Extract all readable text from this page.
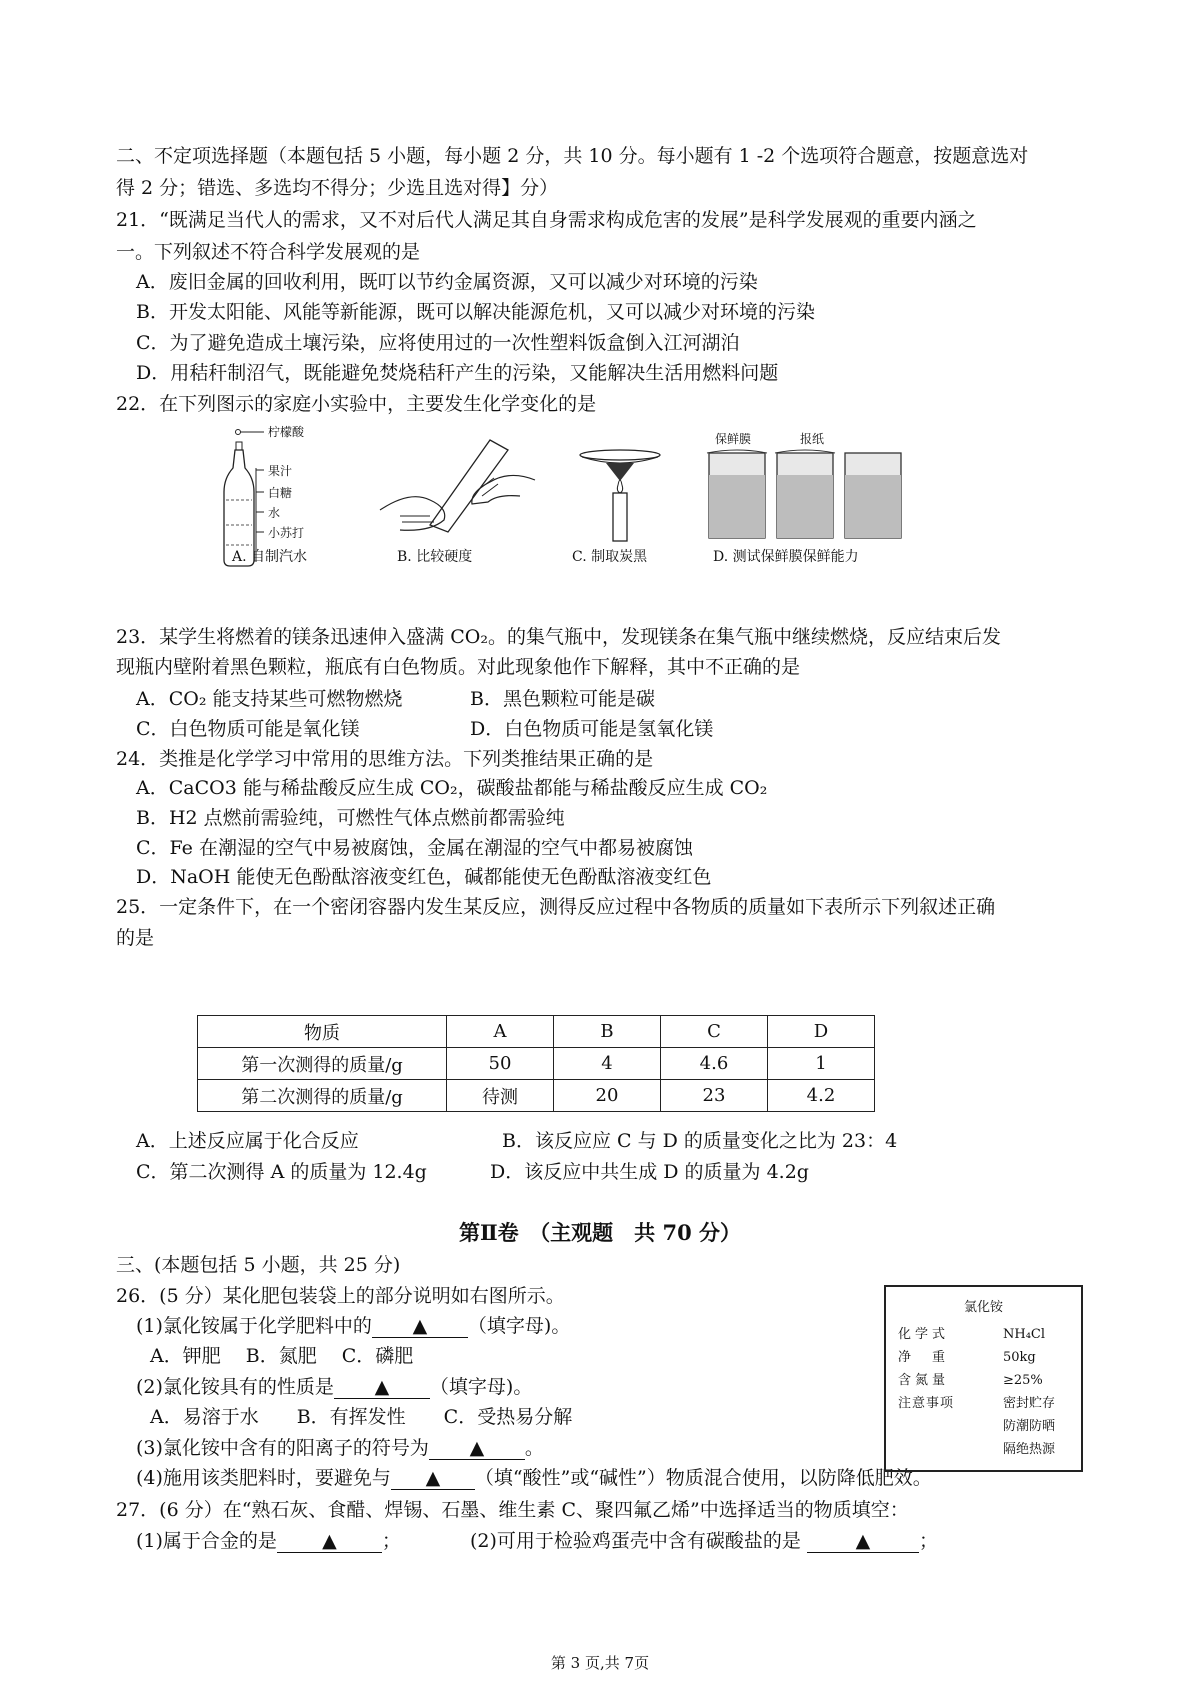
二、不定项选择题（本题包括 5 小题，每小题 2 分，共 10 分。每小题有 1 -2 个选项符合题意，按题意选对
得 2 分；错选、多选均不得分；少选且选对得】分）
21．“既满足当代人的需求，又不对后代人满足其自身需求构成危害的发展”是科学发展观的重要内涵之
一。下列叙述不符合科学发展观的是
A．废旧金属的回收利用，既叮以节约金属资源，又可以减少对环境的污染
B．开发太阳能、风能等新能源，既可以解决能源危机，又可以减少对环境的污染
C．为了避免造成土壤污染，应将使用过的一次性塑料饭盒倒入江河湖泊
D．用秸秆制沼气，既能避免焚烧秸秆产生的污染，又能解决生活用燃料问题
22．在下列图示的家庭小实验中，主要发生化学变化的是
柠檬酸
果汁
白糖
水
小苏打
A. 自制汽水	B. 比较硬度	C. 制取炭黑
保鲜膜	报纸
D. 测试保鲜膜保鲜能力
23．某学生将燃着的镁条迅速伸入盛满 CO₂。的集气瓶中，发现镁条在集气瓶中继续燃烧，反应结束后发
现瓶内壁附着黑色颗粒，瓶底有白色物质。对此现象他作下解释，其中不正确的是
A．CO₂ 能支持某些可燃物燃烧	B．黑色颗粒可能是碳
C．白色物质可能是氧化镁	D．白色物质可能是氢氧化镁
24．类推是化学学习中常用的思维方法。下列类推结果正确的是
A．CaCO3 能与稀盐酸反应生成 CO₂，碳酸盐都能与稀盐酸反应生成 CO₂
B．H2 点燃前需验纯，可燃性气体点燃前都需验纯
C．Fe 在潮湿的空气中易被腐蚀，金属在潮湿的空气中都易被腐蚀
D．NaOH 能使无色酚酞溶液变红色，碱都能使无色酚酞溶液变红色
25．一定条件下，在一个密闭容器内发生某反应，测得反应过程中各物质的质量如下表所示下列叙述正确
的是
物质	A	B	C	D
第一次测得的质量/g	50	4	4.6	1
第二次测得的质量/g	待测	20	23	4.2
A．上述反应属于化合反应	B．该反应应 C 与 D 的质量变化之比为 23：4
C．第二次测得 A 的质量为 12.4g	D．该反应中共生成 D 的质量为 4.2g
第Ⅱ卷　（主观题　共 70 分）
三、(本题包括 5 小题，共 25 分)
26．(5 分）某化肥包装袋上的部分说明如右图所示。
(1)氯化铵属于化学肥料中的 ▲ （填字母)。
A．钾肥　 B．氮肥　 C．磷肥
(2)氯化铵具有的性质是 ▲ （填字母)。
A．易溶于水　　B．有挥发性　　C．受热易分解
(3)氯化铵中含有的阳离子的符号为 ▲ 。
(4)施用该类肥料时，要避免与 ▲ （填“酸性”或“碱性”）物质混合使用，以防降低肥效。
氯化铵
化学式	NH₄Cl
净　重	50kg
含氮量	≥25%
注意事项	密封贮存
防潮防晒
隔绝热源
27．(6 分）在“熟石灰、食醋、焊锡、石墨、维生素 C、聚四氟乙烯”中选择适当的物质填空：
(1)属于合金的是 ▲ ；	(2)可用于检验鸡蛋壳中含有碳酸盐的是	▲	；
第 3 页,共 7页
